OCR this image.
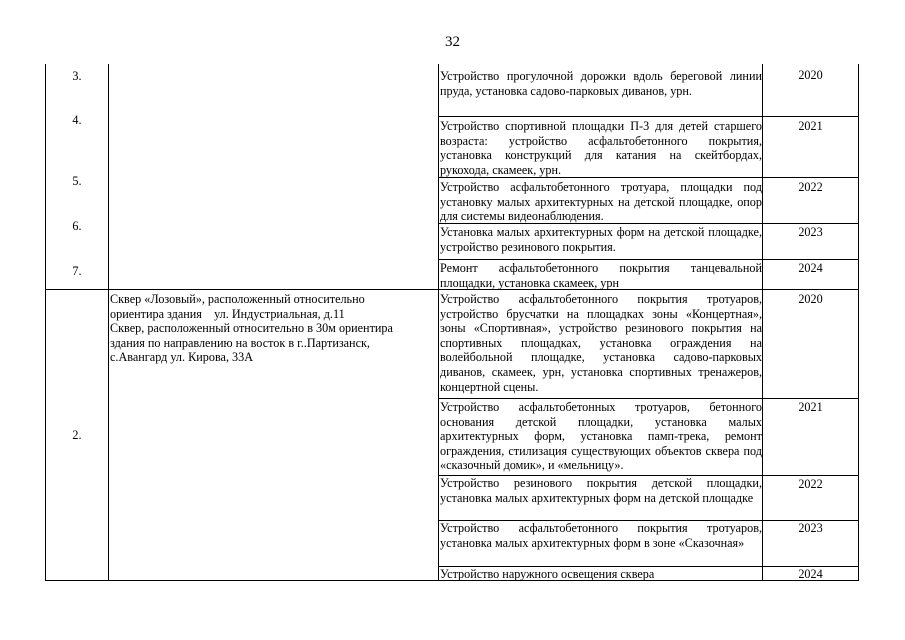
32
3.
4.
5.
6.
7.
Устройство прогулочной дорожки вдоль береговой линии пруда, установка садово-парковых диванов, урн.
Устройство спортивной площадки П-3 для детей старшего возраста: устройство асфальтобетонного покрытия, установка конструкций для катания на скейтбордах, рукохода, скамеек, урн.
Устройство асфальтобетонного тротуара, площадки под установку малых архитектурных на детской площадке, опор для системы видеонаблюдения.
Установка малых архитектурных форм на детской площадке, устройство резинового покрытия.
Ремонт асфальтобетонного покрытия танцевальной площадки, установка скамеек, урн
2020
2021
2022
2023
2024
2.
Сквер «Лозовый», расположенный относительно
ориентира здания    ул. Индустриальная, д.11
Сквер, расположенный относительно в 30м ориентира
здания по направлению на восток в г..Партизанск,
с.Авангард ул. Кирова, 33А
Устройство асфальтобетонного покрытия тротуаров, устройство брусчатки на площадках зоны «Концертная», зоны «Спортивная», устройство резинового покрытия на спортивных площадках, установка ограждения на волейбольной площадке, установка садово-парковых диванов, скамеек, урн, установка спортивных тренажеров, концертной сцены.
Устройство асфальтобетонных тротуаров, бетонного основания детской площадки, установка малых архитектурных форм, установка памп-трека, ремонт ограждения, стилизация существующих объектов сквера под «сказочный домик», и «мельницу».
Устройство резинового покрытия детской площадки, установка малых архитектурных форм на детской площадке
Устройство асфальтобетонного покрытия тротуаров, установка малых архитектурных форм в зоне «Сказочная»
Устройство наружного освещения сквера
2020
2021
2022
2023
2024
